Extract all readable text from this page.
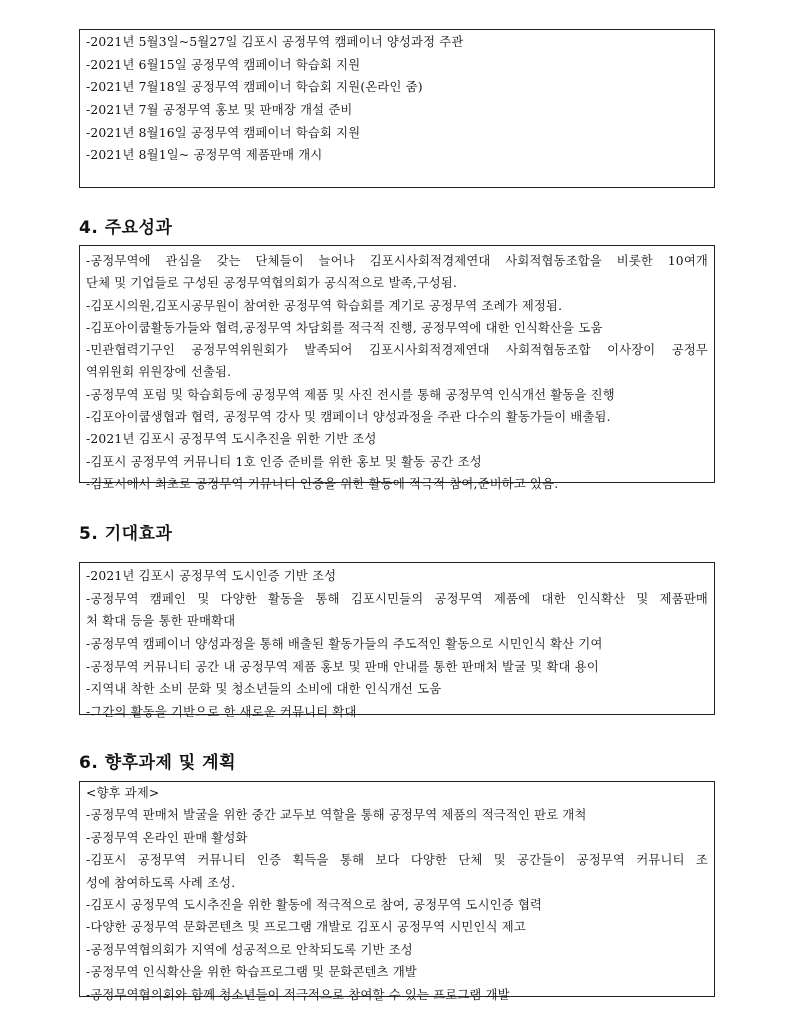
-2021년 5월3일~5월27일 김포시 공정무역 캠페이너 양성과정 주관
-2021년 6월15일 공정무역 캠페이너 학습회 지원
-2021년 7월18일 공정무역 캠페이너 학습회 지원(온라인 줌)
-2021년 7월 공정무역 홍보 및 판매장 개설 준비
-2021년 8월16일 공정무역 캠페이너 학습회 지원
-2021년 8월1일~ 공정무역 제품판매 개시
4. 주요성과
-공정무역에 관심을 갖는 단체들이 늘어나 김포시사회적경제연대 사회적협동조합을 비롯한 10여개
단체 및 기업들로 구성된 공정무역협의회가 공식적으로 발족,구성됨.
-김포시의원,김포시공무원이 참여한 공정무역 학습회를 계기로 공정무역 조례가 제정됨.
-김포아이쿱활동가들와 협력,공정무역 차담회를 적극적 진행, 공정무역에 대한 인식확산을 도움
-민관협력기구인 공정무역위원회가 발족되어 김포시사회적경제연대 사회적협동조합 이사장이 공정무
역위원회 위원장에 선출됨.
-공정무역 포럼 및 학습회등에 공정무역 제품 및 사진 전시를 통해 공정무역 인식개선 활동을 진행
-김포아이쿱생협과 협력, 공정무역 강사 및 캠페이너 양성과정을 주관 다수의 활동가들이 배출됨.
-2021년 김포시 공정무역 도시추진을 위한 기반 조성
-김포시 공정무역 커뮤니티 1호 인증 준비를 위한 홍보 및 활동 공간 조성
-김포시에서 최초로 공정무역 커뮤니티 인증을 위한 활동에 적극적 참여,준비하고 있음.
5. 기대효과
-2021년 김포시 공정무역 도시인증 기반 조성
-공정무역 캠페인 및 다양한 활동을 통해 김포시민들의 공정무역 제품에 대한 인식확산 및 제품판매
처 확대 등을 통한 판매확대
-공정무역 캠페이너 양성과정을 통해 배출된 활동가들의 주도적인 활동으로 시민인식 확산 기여
-공정무역 커뮤니티 공간 내 공정무역 제품 홍보 및 판매 안내를 통한 판매처 발굴 및 확대 용이
-지역내 착한 소비 문화 및 청소년들의 소비에 대한 인식개선 도움
-그간의 활동을 기반으로 한 새로운 커뮤니티 확대
6. 향후과제 및 계획
<향후 과제>
-공정무역 판매처 발굴을 위한 중간 교두보 역할을 통해 공정무역 제품의 적극적인 판로 개척
-공정무역 온라인 판매 활성화
-김포시 공정무역 커뮤니티 인증 획득을 통해 보다 다양한 단체 및 공간들이 공정무역 커뮤니티 조
성에 참여하도록 사례 조성.
-김포시 공정무역 도시추진을 위한 활동에 적극적으로 참여, 공정무역 도시인증 협력
-다양한 공정무역 문화콘텐츠 및 프로그램 개발로 김포시 공정무역 시민인식 제고
-공정무역협의회가 지역에 성공적으로 안착되도록 기반 조성
-공정무역 인식확산을 위한 학습프로그램 및 문화콘텐츠 개발
-공정무역협의회와 함께 청소년들이 적극적으로 참여할 수 있는 프로그램 개발
